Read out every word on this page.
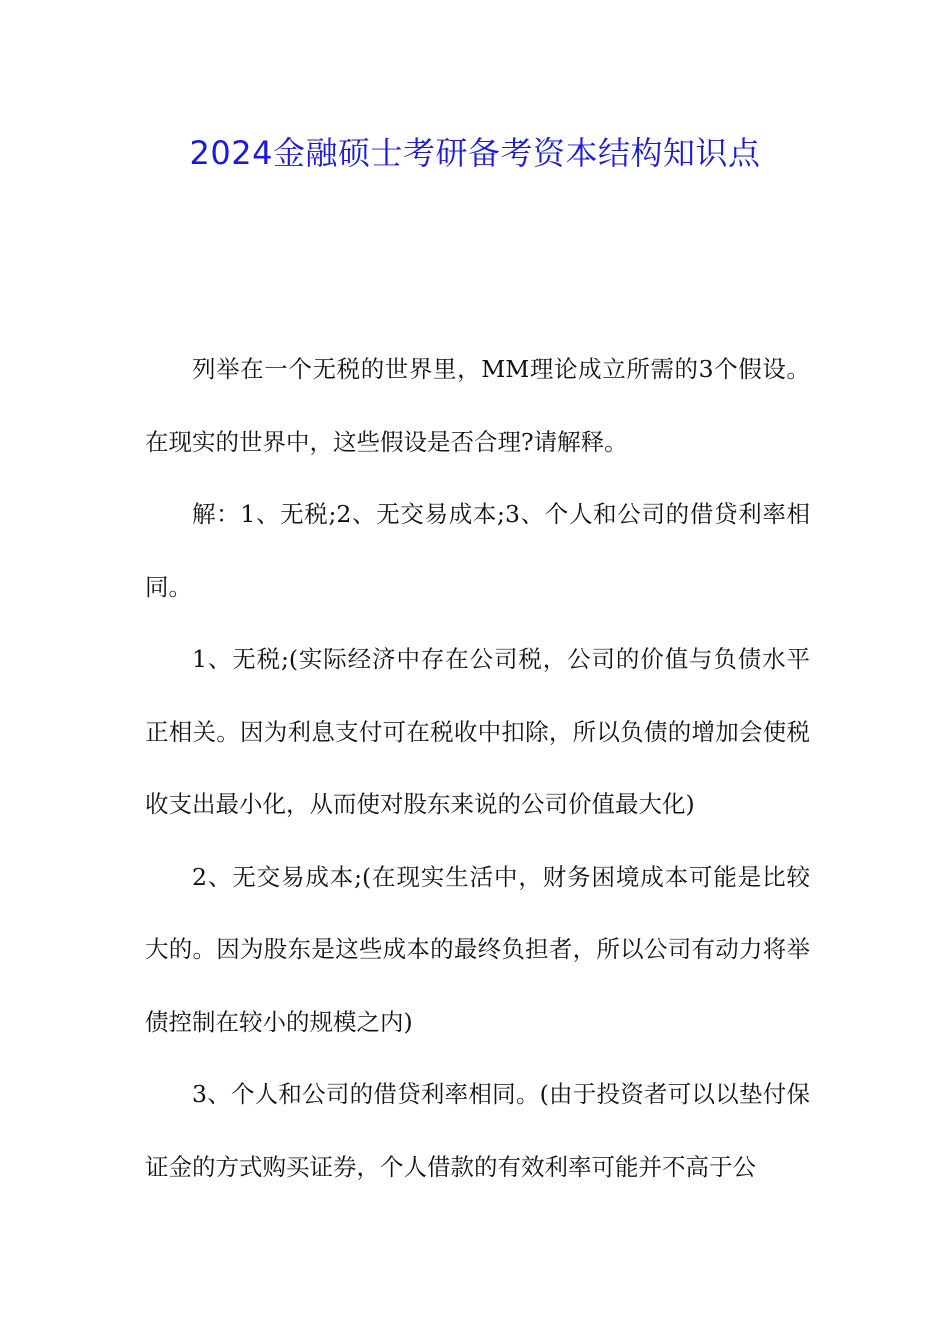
2024金融硕士考研备考资本结构知识点

列举在一个无税的世界里，MM理论成立所需的3个假设。在现实的世界中，这些假设是否合理?请解释。

解：1、无税;2、无交易成本;3、个人和公司的借贷利率相同。

1、无税;(实际经济中存在公司税，公司的价值与负债水平正相关。因为利息支付可在税收中扣除，所以负债的增加会使税收支出最小化，从而使对股东来说的公司价值最大化)

2、无交易成本;(在现实生活中，财务困境成本可能是比较大的。因为股东是这些成本的最终负担者，所以公司有动力将举债控制在较小的规模之内)

3、个人和公司的借贷利率相同。(由于投资者可以以垫付保证金的方式购买证券，个人借款的有效利率可能并不高于公
